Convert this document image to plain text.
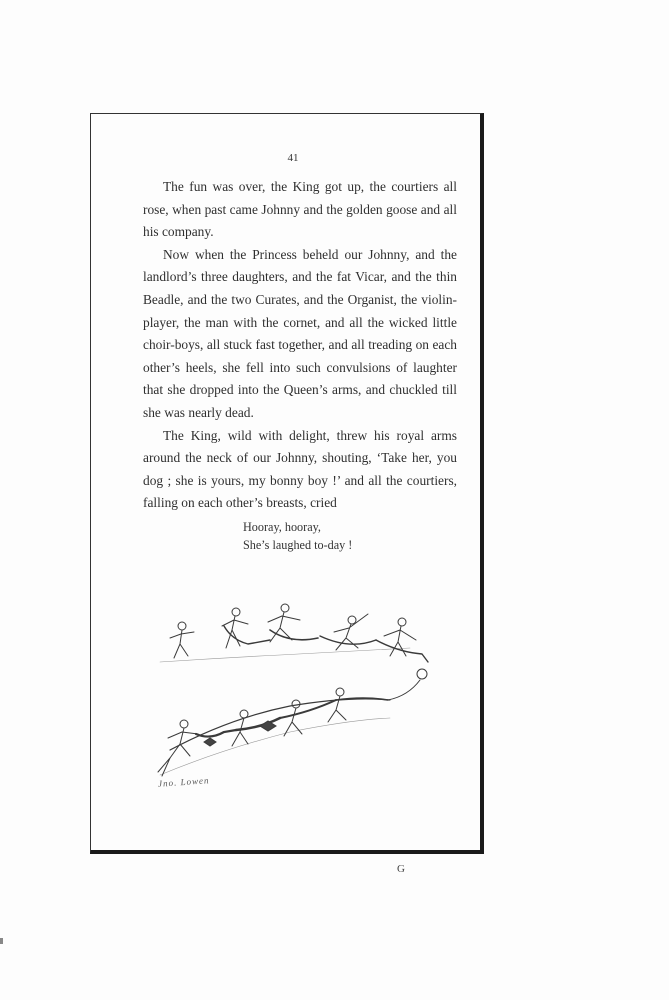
41

The fun was over, the King got up, the courtiers all rose, when past came Johnny and the golden goose and all his company.

Now when the Princess beheld our Johnny, and the landlord’s three daughters, and the fat Vicar, and the thin Beadle, and the two Curates, and the Organist, the violin-player, the man with the cornet, and all the wicked little choir-boys, all stuck fast together, and all treading on each other’s heels, she fell into such convulsions of laughter that she dropped into the Queen’s arms, and chuckled till she was nearly dead.

The King, wild with delight, threw his royal arms around the neck of our Johnny, shouting, ‘Take her, you dog ; she is yours, my bonny boy !’ and all the courtiers, falling on each other’s breasts, cried

Hooray, hooray,
She’s laughed to-day !
Jno. Lowen
G
